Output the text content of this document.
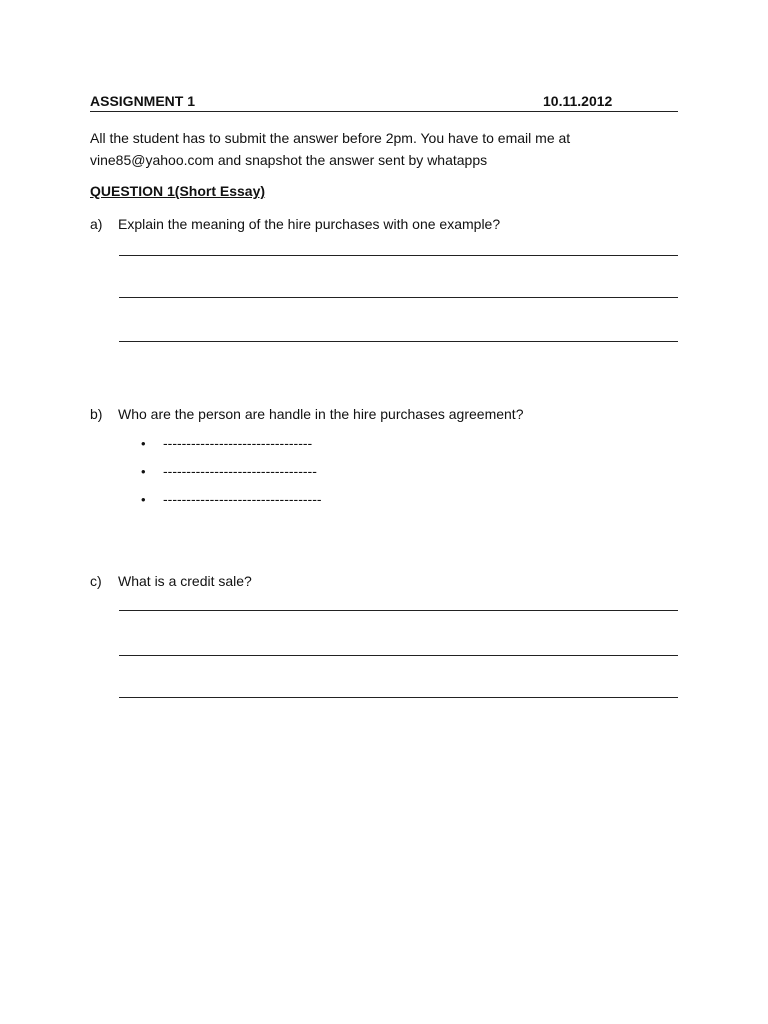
ASSIGNMENT 1	10.11.2012
All the student has to submit the answer before 2pm. You have to email me at
vine85@yahoo.com and snapshot the answer sent by whatapps
QUESTION 1(Short Essay)
a) Explain the meaning of the hire purchases with one example?
b) Who are the person are handle in the hire purchases agreement?
• --------------------------------
• ---------------------------------
• ----------------------------------
c) What is a credit sale?
